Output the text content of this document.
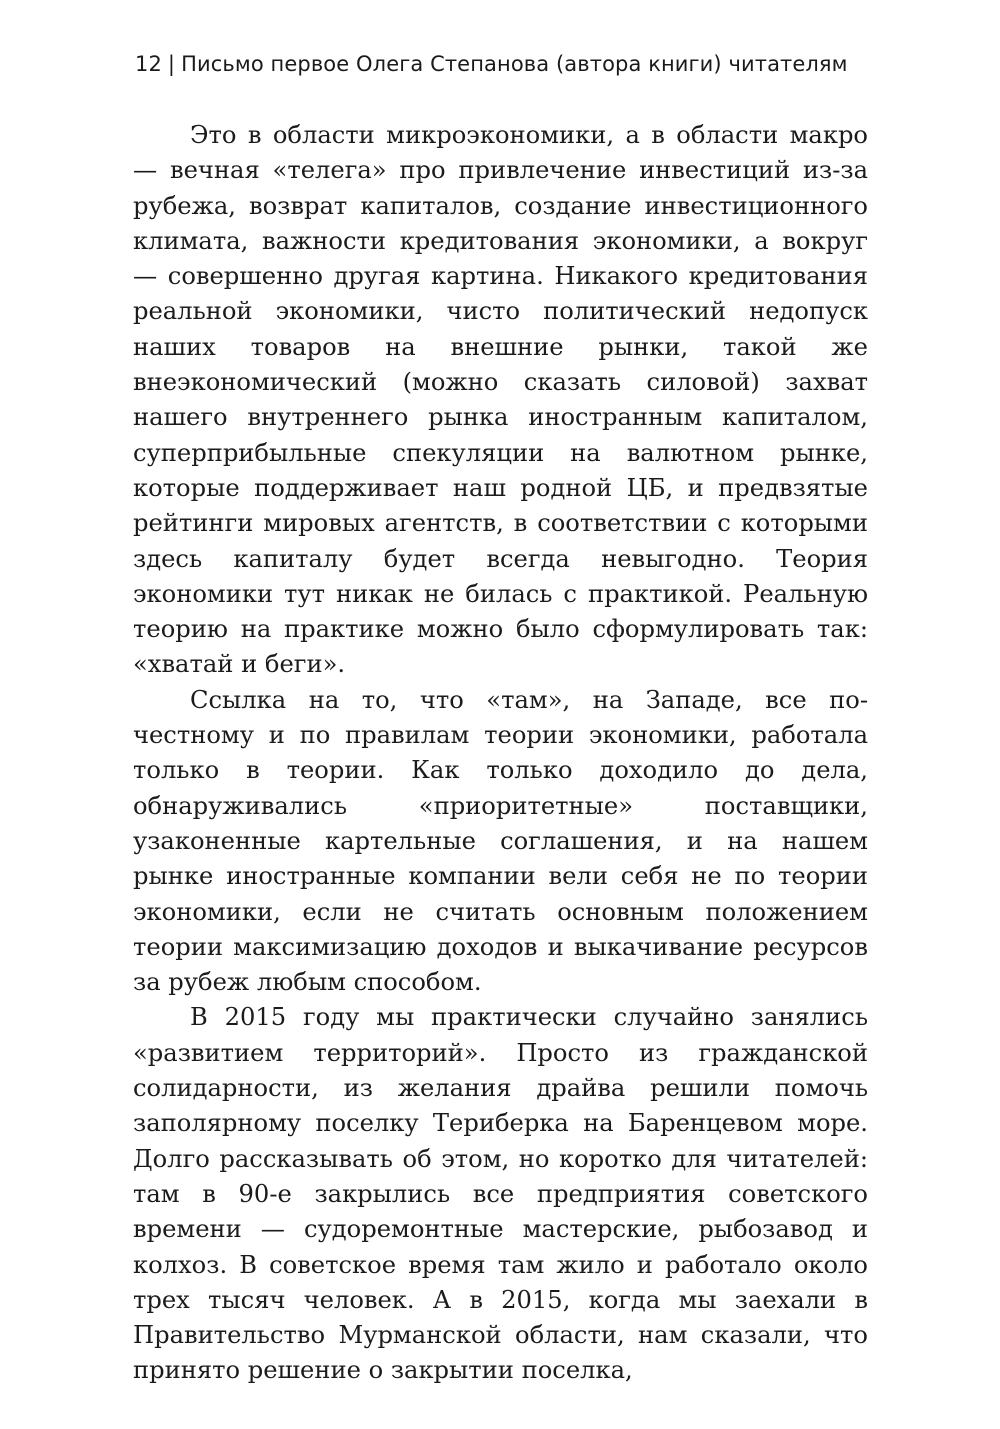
12 | Письмо первое Олега Степанова (автора книги) читателям

Это в области микроэкономики, а в области макро — вечная «телега» про привлечение инвестиций из-за рубежа, возврат капиталов, создание инвестиционного климата, важности кредитования экономики, а вокруг — совершенно другая картина. Никакого кредитования реальной экономики, чисто политический недопуск наших товаров на внешние рынки, такой же внеэкономический (можно сказать силовой) захват нашего внутреннего рынка иностранным капиталом, суперприбыльные спекуляции на валютном рынке, которые поддерживает наш родной ЦБ, и предвзятые рейтинги мировых агентств, в соответствии с которыми здесь капиталу будет всегда невыгодно. Теория экономики тут никак не билась с практикой. Реальную теорию на практике можно было сформулировать так: «хватай и беги».

Ссылка на то, что «там», на Западе, все по-честному и по правилам теории экономики, работала только в теории. Как только доходило до дела, обнаруживались «приоритетные» поставщики, узаконенные картельные соглашения, и на нашем рынке иностранные компании вели себя не по теории экономики, если не считать основным положением теории максимизацию доходов и выкачивание ресурсов за рубеж любым способом.

В 2015 году мы практически случайно занялись «развитием территорий». Просто из гражданской солидарности, из желания драйва решили помочь заполярному поселку Териберка на Баренцевом море. Долго рассказывать об этом, но коротко для читателей: там в 90-е закрылись все предприятия советского времени — судоремонтные мастерские, рыбозавод и колхоз. В советское время там жило и работало около трех тысяч человек. А в 2015, когда мы заехали в Правительство Мурманской области, нам сказали, что принято решение о закрытии поселка,
